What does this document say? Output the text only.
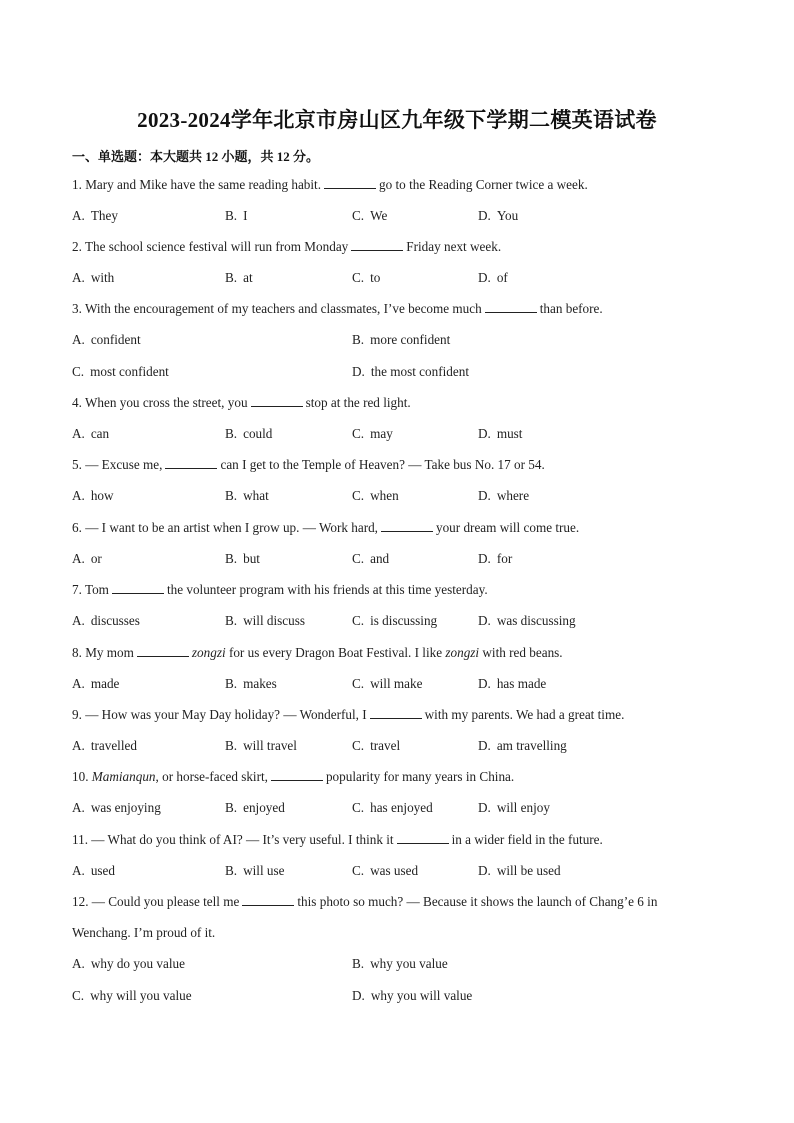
2023-2024学年北京市房山区九年级下学期二模英语试卷
一、单选题：本大题共 12 小题，共 12 分。
1. Mary and Mike have the same reading habit.	go to the Reading Corner twice a week.
A. They	B. I	C. We	D. You
2. The school science festival will run from Monday	Friday next week.
A. with	B. at	C. to	D. of
3. With the encouragement of my teachers and classmates, I’ve become much	than before.
A. confident	B. more confident
C. most confident	D. the most confident
4. When you cross the street, you	stop at the red light.
A. can	B. could	C. may	D. must
5. — Excuse me,	can I get to the Temple of Heaven? — Take bus No. 17 or 54.
A. how	B. what	C. when	D. where
6. — I want to be an artist when I grow up. — Work hard,	your dream will come true.
A. or	B. but	C. and	D. for
7. Tom	the volunteer program with his friends at this time yesterday.
A. discusses	B. will discuss	C. is discussing	D. was discussing
8. My mom	zongzi for us every Dragon Boat Festival. I like zongzi with red beans.
A. made	B. makes	C. will make	D. has made
9. — How was your May Day holiday? — Wonderful, I	with my parents. We had a great time.
A. travelled	B. will travel	C. travel	D. am travelling
10. Mamianqun, or horse-faced skirt,	popularity for many years in China.
A. was enjoying	B. enjoyed	C. has enjoyed	D. will enjoy
11. — What do you think of AI? — It’s very useful. I think it	in a wider field in the future.
A. used	B. will use	C. was used	D. will be used
12. — Could you please tell me	this photo so much? — Because it shows the launch of Chang’e 6 in
Wenchang. I’m proud of it.
A. why do you value	B. why you value
C. why will you value	D. why you will value
